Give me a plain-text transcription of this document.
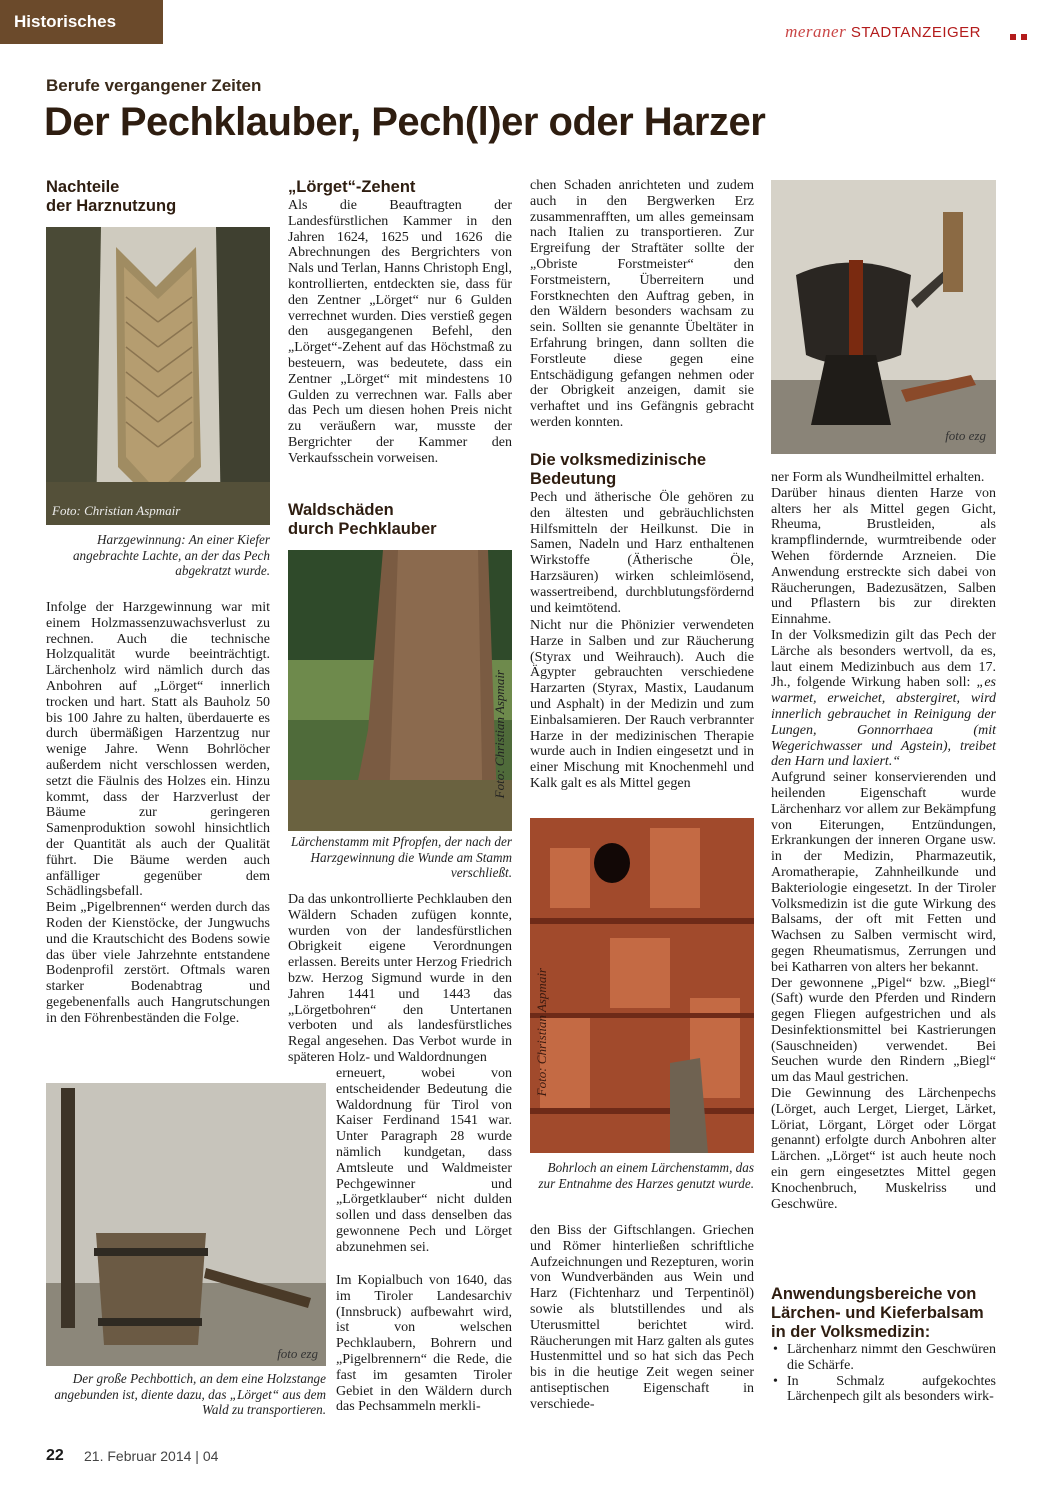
Historisches
meraner STADTANZEIGER
Berufe vergangener Zeiten
Der Pechklauber, Pech(l)er oder Harzer
Nachteile
der Harznutzung
Foto: Christian Aspmair
Harzgewinnung: An einer Kiefer angebrachte Lachte, an der das Pech abgekratzt wurde.

Infolge der Harzgewinnung war mit einem Holzmassenzuwachsverlust zu rechnen. Auch die technische Holzqualität wurde beeinträchtigt. Lärchenholz wird nämlich durch das Anbohren auf „Lörget“ innerlich trocken und hart. Statt als Bauholz 50 bis 100 Jahre zu halten, überdauerte es durch übermäßigen Harzentzug nur wenige Jahre. Wenn Bohrlöcher außerdem nicht verschlossen werden, setzt die Fäulnis des Holzes ein. Hinzu kommt, dass der Harzverlust der Bäume zur geringeren Samenproduktion sowohl hinsichtlich der Quantität als auch der Qualität führt. Die Bäume werden auch anfälliger gegenüber dem Schädlingsbefall.

Beim „Pigelbrennen“ werden durch das Roden der Kienstöcke, der Jungwuchs und die Krautschicht des Bodens sowie das über viele Jahrzehnte entstandene Bodenprofil zerstört. Oftmals waren starker Bodenabtrag und gegebenenfalls auch Hangrutschungen in den Föhrenbeständen die Folge.

foto ezg
Der große Pechbottich, an dem eine Holzstange angebunden ist, diente dazu, das „Lörget“ aus dem Wald zu transportieren.
„Lörget“-Zehent
Als die Beauftragten der Landesfürstlichen Kammer in den Jahren 1624, 1625 und 1626 die Abrechnungen des Bergrichters von Nals und Terlan, Hanns Christoph Engl, kontrollierten, entdeckten sie, dass für den Zentner „Lörget“ nur 6 Gulden verrechnet wurden. Dies verstieß gegen den ausgegangenen Befehl, den „Lörget“-Zehent auf das Höchstmaß zu besteuern, was bedeutete, dass ein Zentner „Lörget“ mit mindestens 10 Gulden zu verrechnen war. Falls aber das Pech um diesen hohen Preis nicht zu veräußern war, musste der Bergrichter der Kammer den Verkaufsschein vorweisen.
Waldschäden
durch Pechklauber
Foto: Christian Aspmair
Lärchenstamm mit Pfropfen, der nach der Harzgewinnung die Wunde am Stamm verschließt.
Da das unkontrollierte Pechklauben den Wäldern Schaden zufügen konnte, wurden von der landesfürstlichen Obrigkeit eigene Verordnungen erlassen. Bereits unter Herzog Friedrich bzw. Herzog Sigmund wurde in den Jahren 1441 und 1443 das „Lörgetbohren“ den Untertanen verboten und als landesfürstliches Regal angesehen. Das Verbot wurde in späteren Holz- und Waldordnungen
erneuert, wobei von entscheidender Bedeutung die Waldordnung für Tirol von Kaiser Ferdinand 1541 war. Unter Paragraph 28 wurde nämlich kundgetan, dass Amtsleute und Waldmeister Pechgewinner und „Lörgetklauber“ nicht dulden sollen und dass denselben das gewonnene Pech und Lörget abzunehmen sei.
Im Kopialbuch von 1640, das im Tiroler Landesarchiv (Innsbruck) aufbewahrt wird, ist von welschen Pechklaubern, Bohrern und „Pigelbrennern“ die Rede, die fast im gesamten Tiroler Gebiet in den Wäldern durch das Pechsammeln merkli-
chen Schaden anrichteten und zudem auch in den Bergwerken Erz zusammenrafften, um alles gemeinsam nach Italien zu transportieren. Zur Ergreifung der Straftäter sollte der „Obriste Forstmeister“ den Forstmeistern, Überreitern und Forstknechten den Auftrag geben, in den Wäldern besonders wachsam zu sein. Sollten sie genannte Übeltäter in Erfahrung bringen, dann sollten die Forstleute diese gegen eine Entschädigung gefangen nehmen oder der Obrigkeit anzeigen, damit sie verhaftet und ins Gefängnis gebracht werden konnten.
Die volksmedizinische
Bedeutung
Pech und ätherische Öle gehören zu den ältesten und gebräuchlichsten Hilfsmitteln der Heilkunst. Die in Samen, Nadeln und Harz enthaltenen Wirkstoffe (Ätherische Öle, Harzsäuren) wirken schleimlösend, wassertreibend, durchblutungsfördernd und keimtötend.
Nicht nur die Phönizier verwendeten Harze in Salben und zur Räucherung (Styrax und Weihrauch). Auch die Ägypter gebrauchten verschiedene Harzarten (Styrax, Mastix, Laudanum und Asphalt) in der Medizin und zum Einbalsamieren. Der Rauch verbrannter Harze in der medizinischen Therapie wurde auch in Indien eingesetzt und in einer Mischung mit Knochenmehl und Kalk galt es als Mittel gegen
Foto: Christian Aspmair
Bohrloch an einem Lärchenstamm, das zur Entnahme des Harzes genutzt wurde.
den Biss der Giftschlangen. Griechen und Römer hinterließen schriftliche Aufzeichnungen und Rezepturen, worin von Wundverbänden aus Wein und Harz (Fichtenharz und Terpentinöl) sowie als blutstillendes und als Uterusmittel berichtet wird. Räucherungen mit Harz galten als gutes Hustenmittel und so hat sich das Pech bis in die heutige Zeit wegen seiner antiseptischen Eigenschaft in verschiede-
foto ezg

ner Form als Wundheilmittel erhalten.

Darüber hinaus dienten Harze von alters her als Mittel gegen Gicht, Rheuma, Brustleiden, als krampflindernde, wurmtreibende oder Wehen fördernde Arzneien. Die Anwendung erstreckte sich dabei von Räucherungen, Badezusätzen, Salben und Pflastern bis zur direkten Einnahme.

In der Volksmedizin gilt das Pech der Lärche als besonders wertvoll, da es, laut einem Medizinbuch aus dem 17. Jh., folgende Wirkung haben soll: „es warmet, erweichet, abstergiret, wird innerlich gebrauchet in Reinigung der Lungen, Gonnorrhaea (mit Wegerichwasser und Agstein), treibet den Harn und laxiert.“

Aufgrund seiner konservierenden und heilenden Eigenschaft wurde Lärchenharz vor allem zur Bekämpfung von Eiterungen, Entzündungen, Erkrankungen der inneren Organe usw. in der Medizin, Pharmazeutik, Aromatherapie, Zahnheilkunde und Bakteriologie eingesetzt. In der Tiroler Volksmedizin ist die gute Wirkung des Balsams, der oft mit Fetten und Wachsen zu Salben vermischt wird, gegen Rheumatismus, Zerrungen und bei Katharren von alters her bekannt.

Der gewonnene „Pigel“ bzw. „Biegl“ (Saft) wurde den Pferden und Rindern gegen Fliegen aufgestrichen und als Desinfektionsmittel bei Kastrierungen (Sauschneiden) verwendet. Bei Seuchen wurde den Rindern „Biegl“ um das Maul gestrichen.

Die Gewinnung des Lärchenpechs (Lörget, auch Lerget, Lierget, Lärket, Löriat, Lörgant, Lörget oder Lörgat genannt) erfolgte durch Anbohren alter Lärchen. „Lörget“ ist auch heute noch ein gern eingesetztes Mittel gegen Knochenbruch, Muskelriss und Geschwüre.

Anwendungsbereiche von Lärchen- und Kieferbalsam in der Volksmedizin:
• Lärchenharz nimmt den Geschwüren die Schärfe.
• In Schmalz aufgekochtes Lärchenpech gilt als besonders wirk-
22 21. Februar 2014 | 04
